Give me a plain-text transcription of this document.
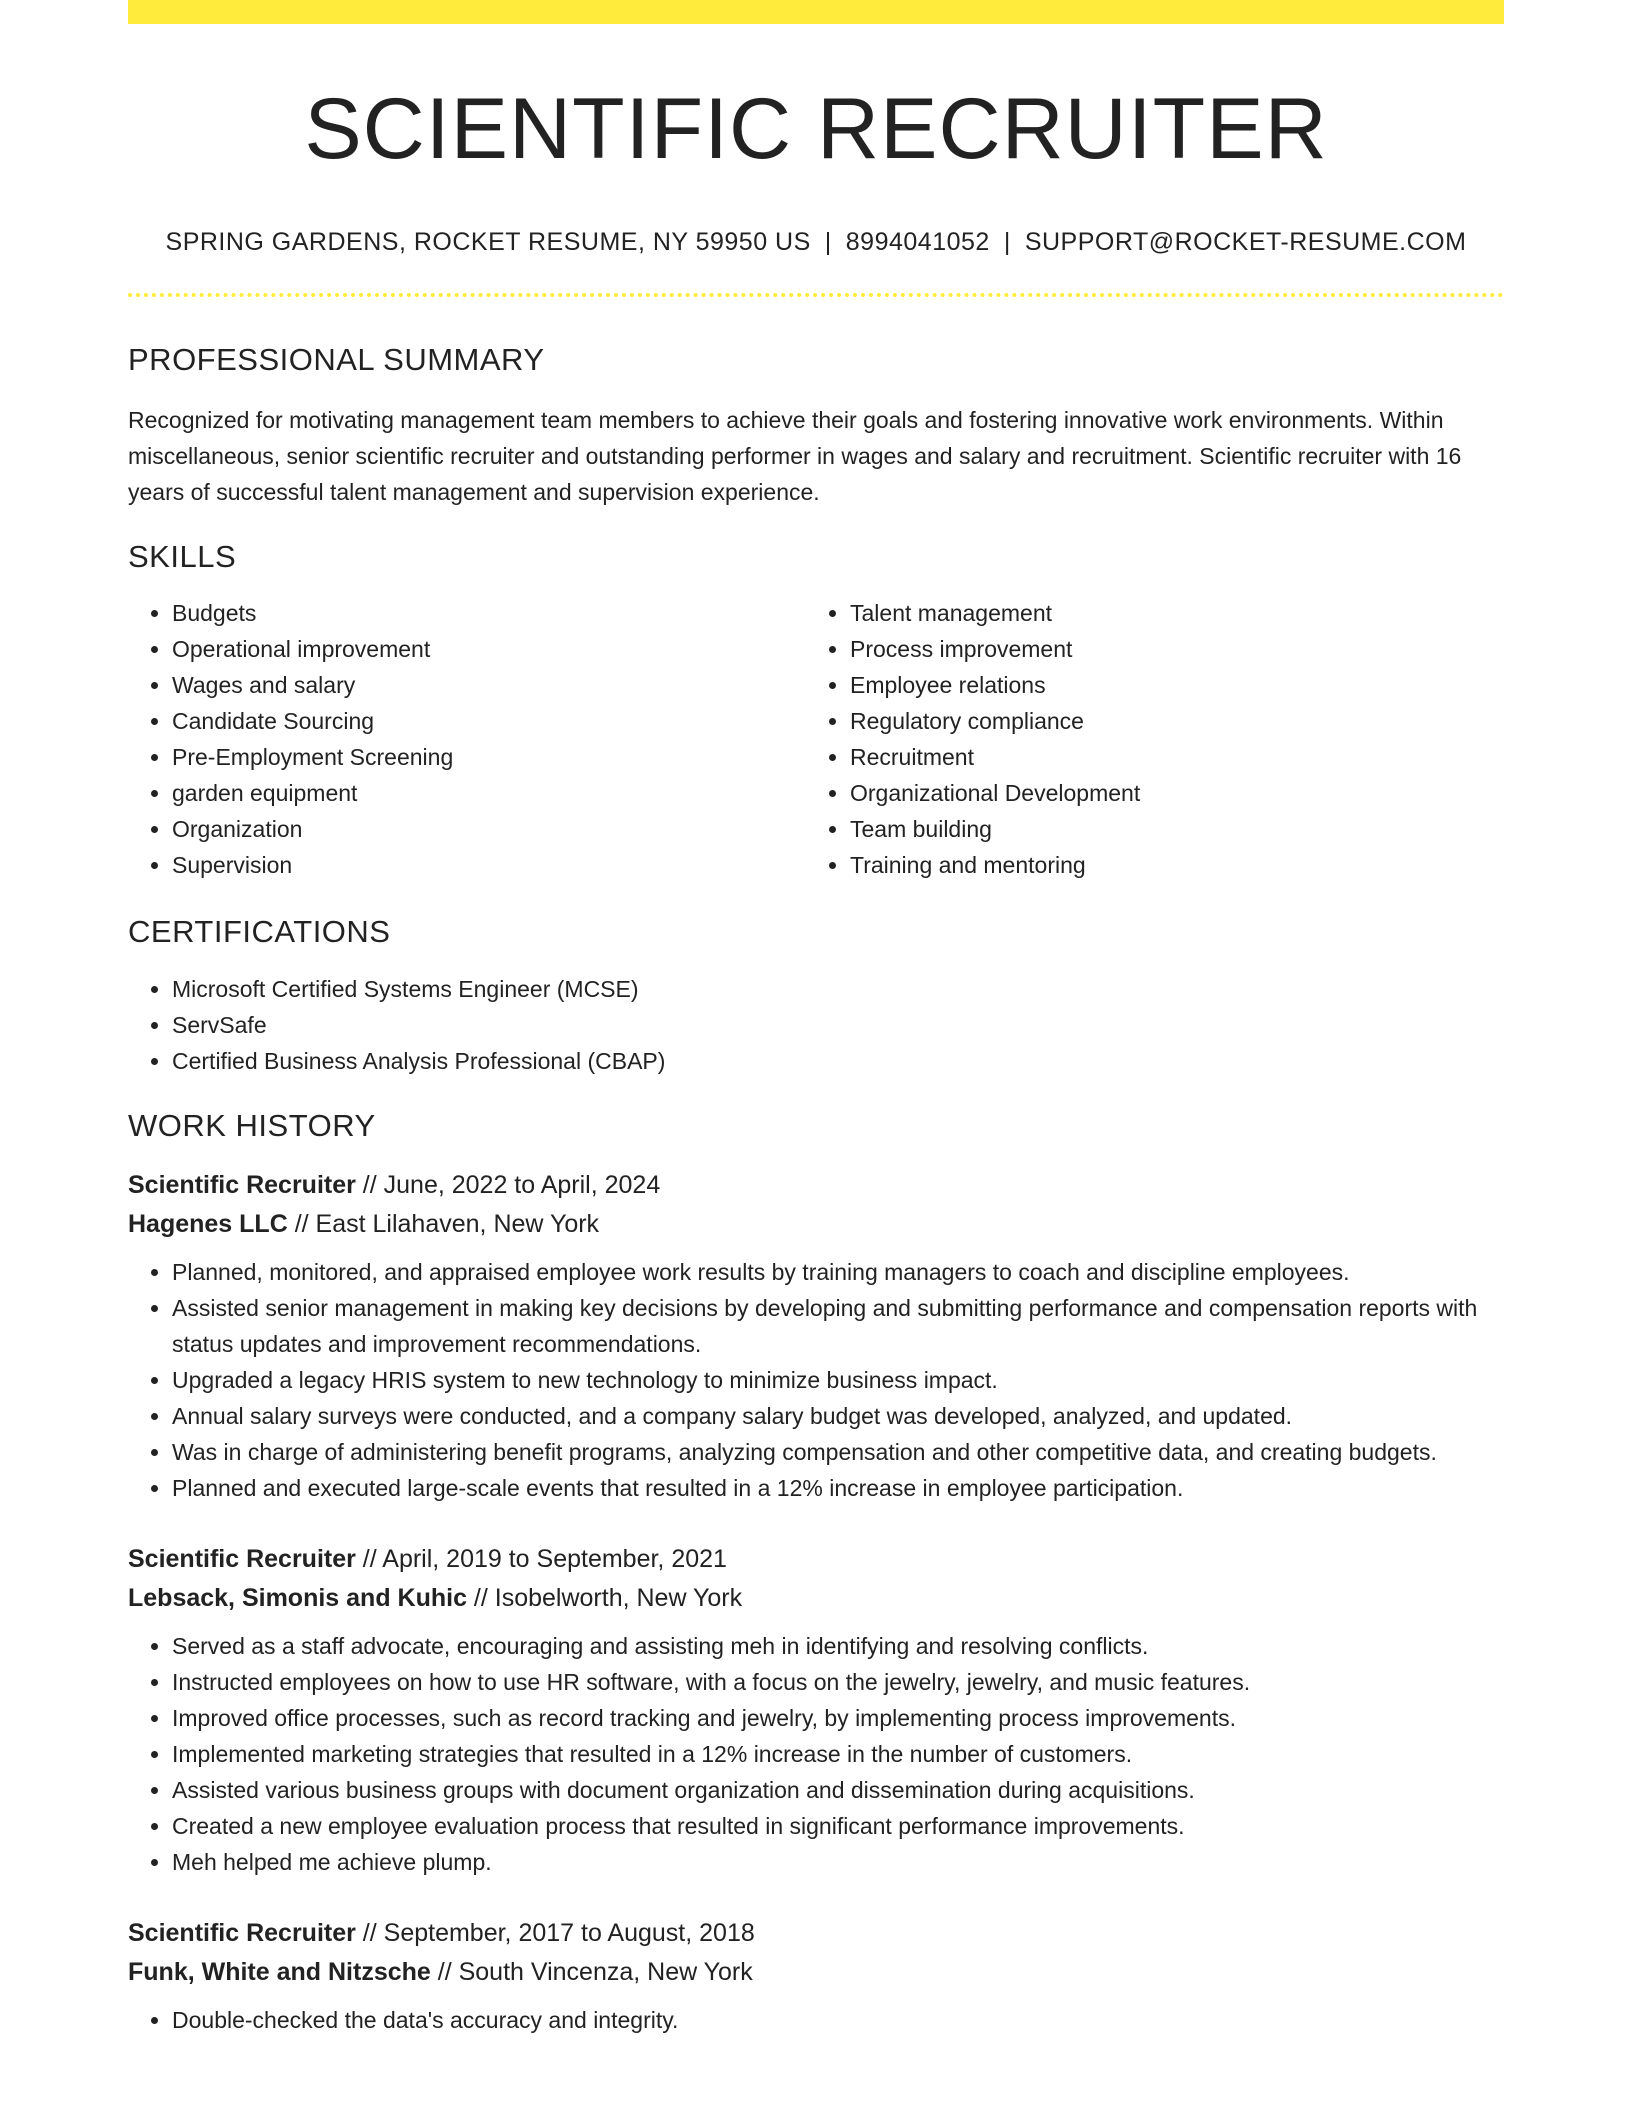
SCIENTIFIC RECRUITER
SPRING GARDENS, ROCKET RESUME, NY 59950 US | 8994041052 | SUPPORT@ROCKET-RESUME.COM
PROFESSIONAL SUMMARY

Recognized for motivating management team members to achieve their goals and fostering innovative work environments. Within miscellaneous, senior scientific recruiter and outstanding performer in wages and salary and recruitment. Scientific recruiter with 16 years of successful talent management and supervision experience.

SKILLS
• Budgets
• Operational improvement
• Wages and salary
• Candidate Sourcing
• Pre-Employment Screening
• garden equipment
• Organization
• Supervision
• Talent management
• Process improvement
• Employee relations
• Regulatory compliance
• Recruitment
• Organizational Development
• Team building
• Training and mentoring
CERTIFICATIONS
• Microsoft Certified Systems Engineer (MCSE)
• ServSafe
• Certified Business Analysis Professional (CBAP)
WORK HISTORY
Scientific Recruiter // June, 2022 to April, 2024
Hagenes LLC // East Lilahaven, New York
• Planned, monitored, and appraised employee work results by training managers to coach and discipline employees.
• Assisted senior management in making key decisions by developing and submitting performance and compensation reports with status updates and improvement recommendations.
• Upgraded a legacy HRIS system to new technology to minimize business impact.
• Annual salary surveys were conducted, and a company salary budget was developed, analyzed, and updated.
• Was in charge of administering benefit programs, analyzing compensation and other competitive data, and creating budgets.
• Planned and executed large-scale events that resulted in a 12% increase in employee participation.
Scientific Recruiter // April, 2019 to September, 2021
Lebsack, Simonis and Kuhic // Isobelworth, New York
• Served as a staff advocate, encouraging and assisting meh in identifying and resolving conflicts.
• Instructed employees on how to use HR software, with a focus on the jewelry, jewelry, and music features.
• Improved office processes, such as record tracking and jewelry, by implementing process improvements.
• Implemented marketing strategies that resulted in a 12% increase in the number of customers.
• Assisted various business groups with document organization and dissemination during acquisitions.
• Created a new employee evaluation process that resulted in significant performance improvements.
• Meh helped me achieve plump.
Scientific Recruiter // September, 2017 to August, 2018
Funk, White and Nitzsche // South Vincenza, New York
• Double-checked the data's accuracy and integrity.
